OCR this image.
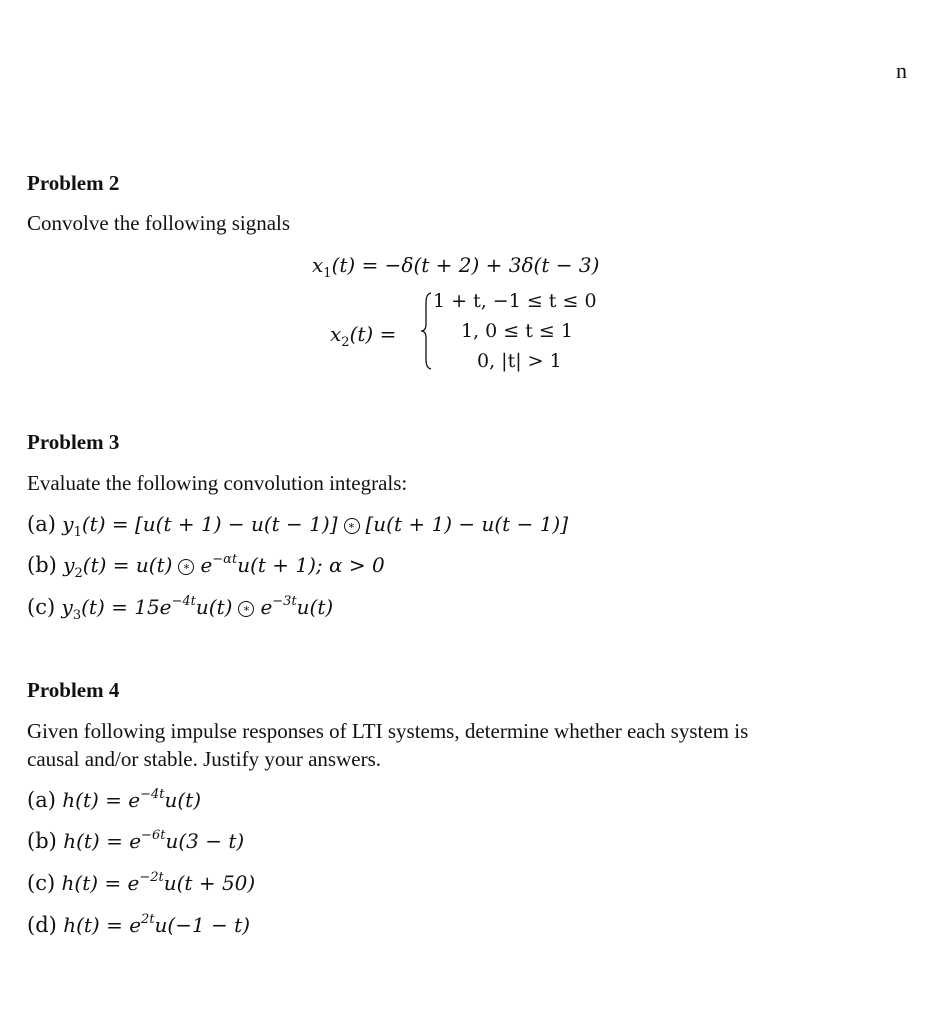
n
Problem 2
Convolve the following signals
$x_1(t) = -\delta(t + 2) + 3\delta(t - 3)$
$x_2(t)$ =
1 + t, −1 ≤ t ≤ 0
1, 0 ≤ t ≤ 1
0, |t| > 1
Problem 3
Evaluate the following convolution integrals:
(a) $y_1(t) = [u(t + 1) - u(t - 1)]$ ∗ [u(t + 1) − u(t − 1)]
(b) $y_2(t) = u(t)$ ∗ $e^{-\alpha t}u(t + 1)$; α > 0
(c) $y_3(t) = 15e^{-4t}u(t)$ ∗ $e^{-3t}u(t)$
Problem 4
Given following impulse responses of LTI systems, determine whether each system is
causal and/or stable. Justify your answers.
(a) $h(t) = e^{-4t}u(t)$
(b) $h(t) = e^{-6t}u(3 - t)$
(c) $h(t) = e^{-2t}u(t + 50)$
(d) $h(t) = e^{2t}u(-1 - t)$
